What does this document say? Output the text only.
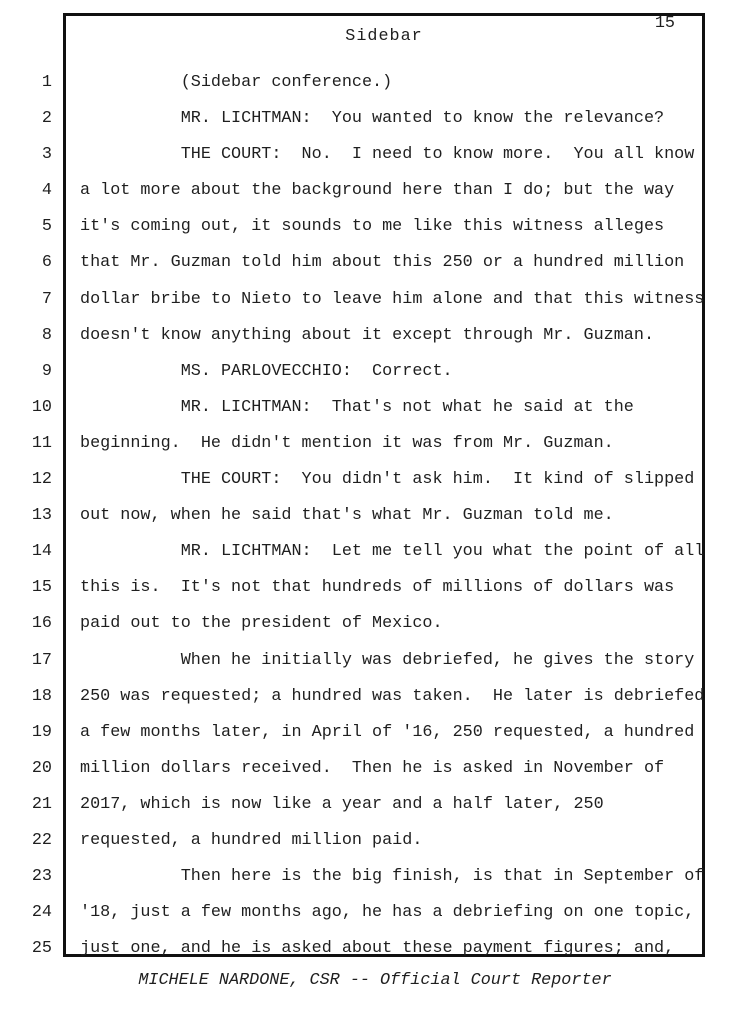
15
Sidebar
1	(Sidebar conference.)
2	MR. LICHTMAN:  You wanted to know the relevance?
3	THE COURT:  No.  I need to know more.  You all know
4	a lot more about the background here than I do; but the way
5	it's coming out, it sounds to me like this witness alleges
6	that Mr. Guzman told him about this 250 or a hundred million
7	dollar bribe to Nieto to leave him alone and that this witness
8	doesn't know anything about it except through Mr. Guzman.
9	MS. PARLOVECCHIO:  Correct.
10	MR. LICHTMAN:  That's not what he said at the
11	beginning.  He didn't mention it was from Mr. Guzman.
12	THE COURT:  You didn't ask him.  It kind of slipped
13	out now, when he said that's what Mr. Guzman told me.
14	MR. LICHTMAN:  Let me tell you what the point of all
15	this is.  It's not that hundreds of millions of dollars was
16	paid out to the president of Mexico.
17	When he initially was debriefed, he gives the story
18	250 was requested; a hundred was taken.  He later is debriefed
19	a few months later, in April of '16, 250 requested, a hundred
20	million dollars received.  Then he is asked in November of
21	2017, which is now like a year and a half later, 250
22	requested, a hundred million paid.
23	Then here is the big finish, is that in September of
24	'18, just a few months ago, he has a debriefing on one topic,
25	just one, and he is asked about these payment figures; and,
MICHELE NARDONE, CSR -- Official Court Reporter
